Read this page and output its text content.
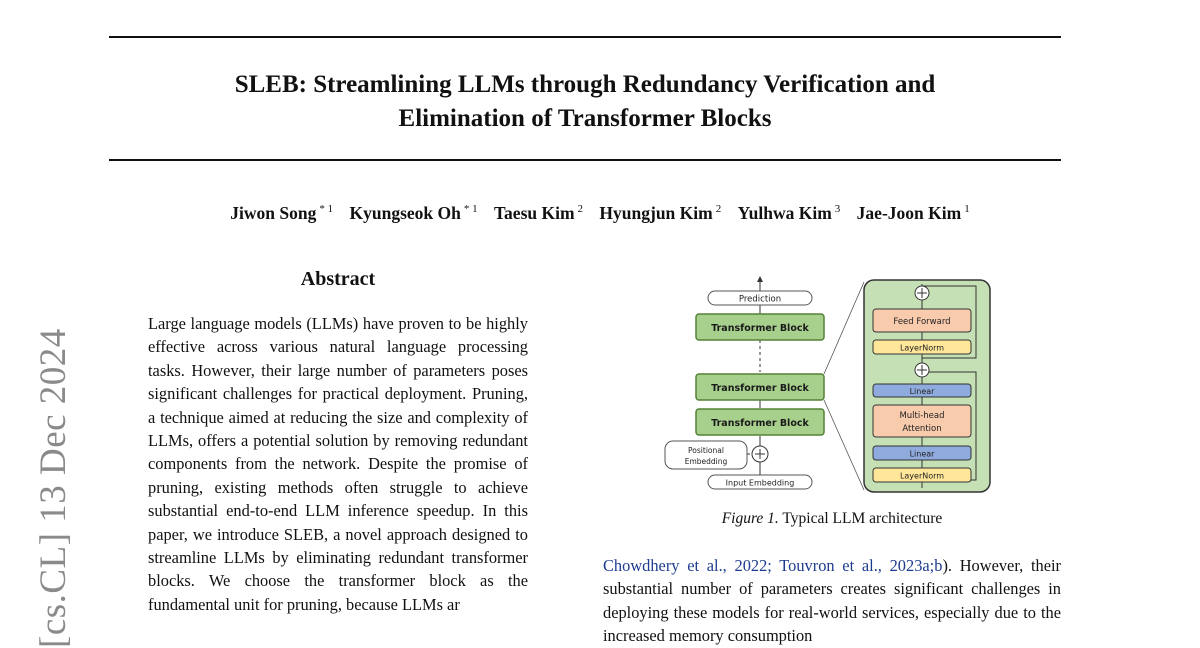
SLEB: Streamlining LLMs through Redundancy Verification and
Elimination of Transformer Blocks
Jiwon Song $^{* 1}$ Kyungseok Oh $^{* 1}$ Taesu Kim $^2$ Hyungjun Kim $^2$ Yulhwa Kim $^3$ Jae-Joon Kim $^1$
[cs.CL] 13 Dec 2024
Abstract
Large language models (LLMs) have proven to be highly effective across various natural language processing tasks. However, their large number of parameters poses significant challenges for practical deployment. Pruning, a technique aimed at reducing the size and complexity of LLMs, offers a potential solution by removing redundant components from the network. Despite the promise of pruning, existing methods often struggle to achieve substantial end-to-end LLM inference speedup. In this paper, we introduce SLEB, a novel approach designed to streamline LLMs by eliminating redundant transformer blocks. We choose the transformer block as the fundamental unit for pruning, because LLMs ar
Prediction
Transformer Block
Transformer Block
Transformer Block
Positional
Embedding
Input Embedding
Feed Forward
LayerNorm
Linear
Multi-head
Attention
Linear
LayerNorm
Figure 1. Typical LLM architecture
Chowdhery et al., 2022; Touvron et al., 2023a;b). However, their substantial number of parameters creates significant challenges in deploying these models for real-world services, especially due to the increased memory consumption
